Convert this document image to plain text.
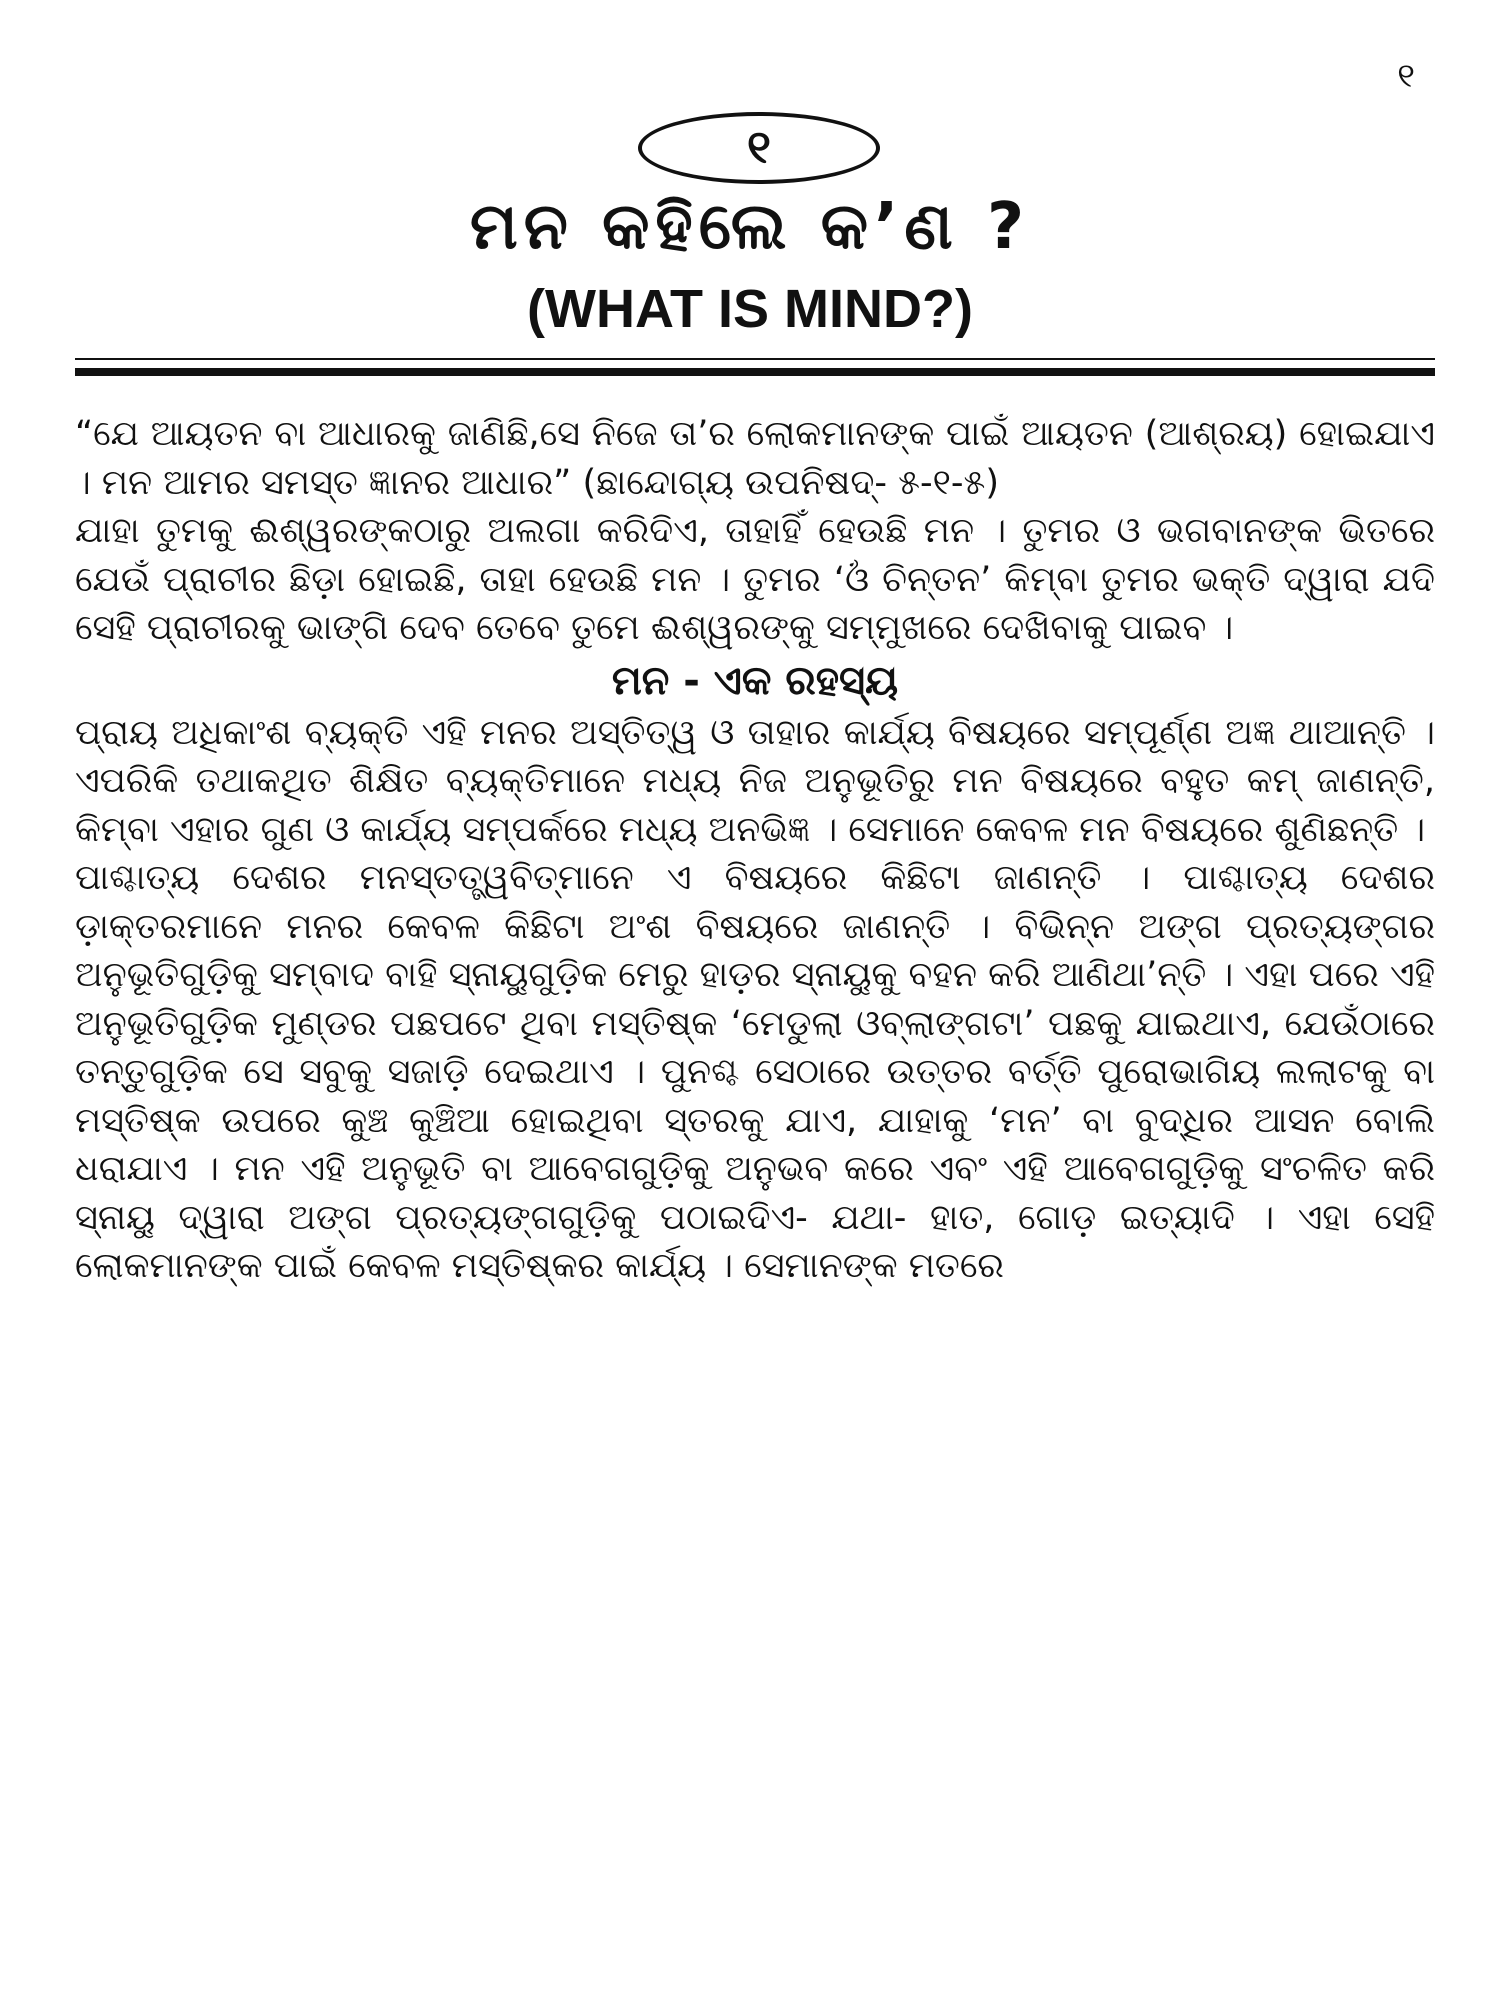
୧
୧
ମନ କହିଲେ କ’ଣ ?
(WHAT IS MIND?)

“ଯେ ଆୟତନ ବା ଆଧାରକୁ ଜାଣିଛି,ସେ ନିଜେ ତା’ର ଲୋକମାନଙ୍କ ପାଇଁ ଆୟତନ (ଆଶ୍ରୟ) ହୋଇଯାଏ । ମନ ଆମର ସମସ୍ତ ଜ୍ଞାନର ଆଧାର” (ଛାନ୍ଦୋଗ୍ୟ ଉପନିଷଦ୍- ୫-୧-୫)

ଯାହା ତୁମକୁ ଈଶ୍ୱରଙ୍କଠାରୁ ଅଲଗା କରିଦିଏ, ତାହାହିଁ ହେଉଛି ମନ । ତୁମର ଓ ଭଗବାନଙ୍କ ଭିତରେ ଯେଉଁ ପ୍ରାଚୀର ଛିଡ଼ା ହୋଇଛି, ତାହା ହେଉଛି ମନ । ତୁମର ‘ଓଁ ଚିନ୍ତନ’ କିମ୍ବା ତୁମର ଭକ୍ତି ଦ୍ୱାରା ଯଦି ସେହି ପ୍ରାଚୀରକୁ ଭାଙ୍ଗି ଦେବ ତେବେ ତୁମେ ଈଶ୍ୱରଙ୍କୁ ସମ୍ମୁଖରେ ଦେଖିବାକୁ ପାଇବ ।

ମନ - ଏକ ରହସ୍ୟ

ପ୍ରାୟ ଅଧିକାଂଶ ବ୍ୟକ୍ତି ଏହି ମନର ଅସ୍ତିତ୍ୱ ଓ ତାହାର କାର୍ଯ୍ୟ ବିଷୟରେ ସମ୍ପୂର୍ଣ୍ଣ ଅଜ୍ଞ ଥାଆନ୍ତି । ଏପରିକି ତଥାକଥିତ ଶିକ୍ଷିତ ବ୍ୟକ୍ତିମାନେ ମଧ୍ୟ ନିଜ ଅନୁଭୂତିରୁ ମନ ବିଷୟରେ ବହୁତ କମ୍ ଜାଣନ୍ତି, କିମ୍ବା ଏହାର ଗୁଣ ଓ କାର୍ଯ୍ୟ ସମ୍ପର୍କରେ ମଧ୍ୟ ଅନଭିଜ୍ଞ । ସେମାନେ କେବଳ ମନ ବିଷୟରେ ଶୁଣିଛନ୍ତି ।

ପାଶ୍ଚାତ୍ୟ ଦେଶର ମନସ୍ତତ୍ତ୍ୱବିତ୍‌ମାନେ ଏ ବିଷୟରେ କିଛିଟା ଜାଣନ୍ତି । ପାଶ୍ଚାତ୍ୟ ଦେଶର ଡ଼ାକ୍ତରମାନେ ମନର କେବଳ କିଛିଟା ଅଂଶ ବିଷୟରେ ଜାଣନ୍ତି । ବିଭିନ୍ନ ଅଙ୍ଗ ପ୍ରତ୍ୟଙ୍ଗର ଅନୁଭୂତିଗୁଡ଼ିକୁ ସମ୍ବାଦ ବାହି ସ୍ନାୟୁଗୁଡ଼ିକ ମେରୁ ହାଡ଼ର ସ୍ନାୟୁକୁ ବହନ କରି ଆଣିଥା’ନ୍ତି । ଏହା ପରେ ଏହି ଅନୁଭୂତିଗୁଡ଼ିକ ମୁଣ୍ଡର ପଛପଟେ ଥିବା ମସ୍ତିଷ୍କ ‘ମେଡୁଲା ଓବ୍‌ଲାଙ୍ଗଟା’ ପଛକୁ ଯାଇଥାଏ, ଯେଉଁଠାରେ ତନ୍ତୁଗୁଡ଼ିକ ସେ ସବୁକୁ ସଜାଡ଼ି ଦେଇଥାଏ । ପୁନଶ୍ଚ ସେଠାରେ ଉତ୍ତର ବର୍ତ୍ତି ପୁରୋଭାଗିୟ ଲଲାଟକୁ ବା ମସ୍ତିଷ୍କ ଉପରେ କୁଞ୍ଚ କୁଞ୍ଚିଆ ହୋଇଥିବା ସ୍ତରକୁ ଯାଏ, ଯାହାକୁ ‘ମନ’ ବା ବୁଦ୍ଧିର ଆସନ ବୋଲି ଧରାଯାଏ । ମନ ଏହି ଅନୁଭୂତି ବା ଆବେଗଗୁଡ଼ିକୁ ଅନୁଭବ କରେ ଏବଂ ଏହି ଆବେଗଗୁଡ଼ିକୁ ସଂଚଳିତ କରି ସ୍ନାୟୁ ଦ୍ୱାରା ଅଙ୍ଗ ପ୍ରତ୍ୟଙ୍ଗଗୁଡ଼ିକୁ ପଠାଇଦିଏ- ଯଥା- ହାତ, ଗୋଡ଼ ଇତ୍ୟାଦି । ଏହା ସେହି ଲୋକମାନଙ୍କ ପାଇଁ କେବଳ ମସ୍ତିଷ୍କର କାର୍ଯ୍ୟ । ସେମାନଙ୍କ ମତରେ
